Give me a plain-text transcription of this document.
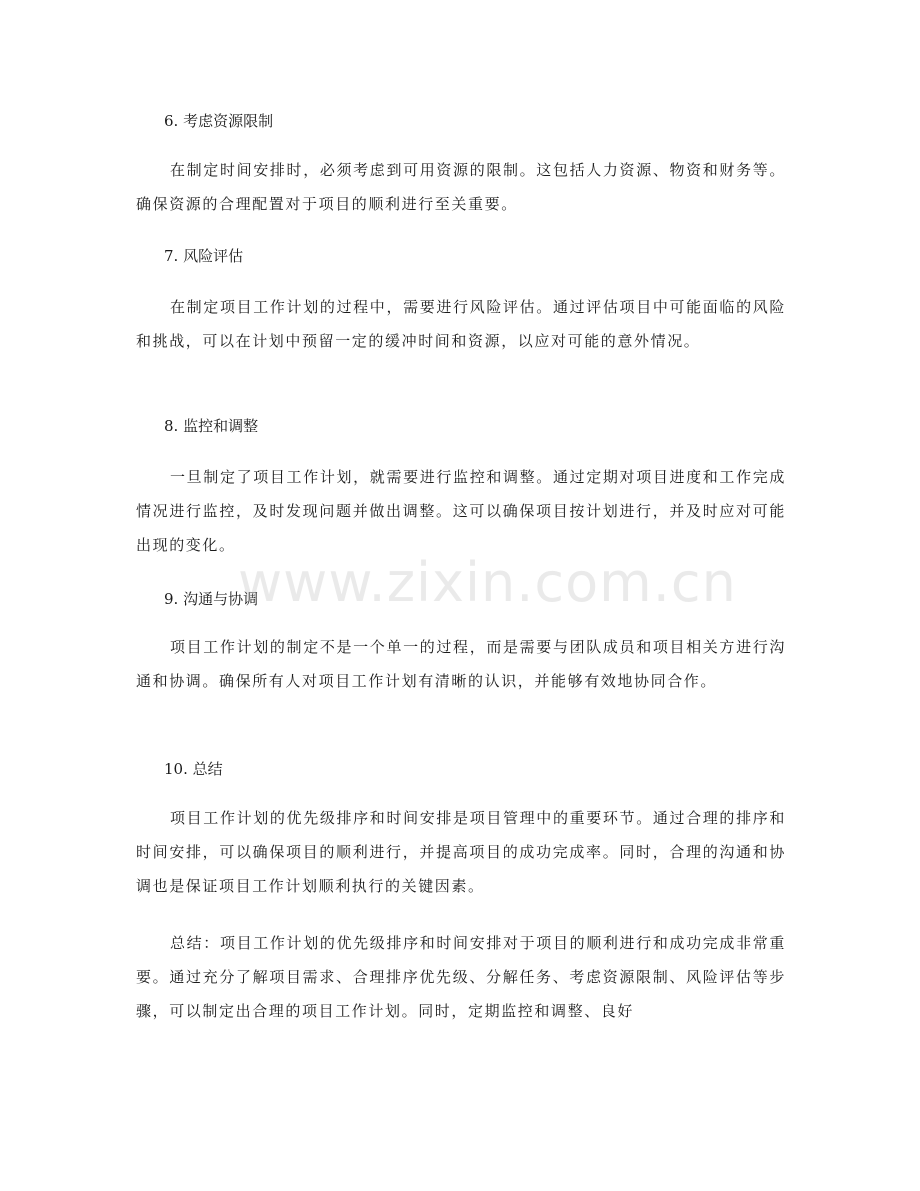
6. 考虑资源限制
在制定时间安排时，必须考虑到可用资源的限制。这包括人力资源、物资和财务等。确保资源的合理配置对于项目的顺利进行至关重要。
7. 风险评估
在制定项目工作计划的过程中，需要进行风险评估。通过评估项目中可能面临的风险和挑战，可以在计划中预留一定的缓冲时间和资源，以应对可能的意外情况。
8. 监控和调整
一旦制定了项目工作计划，就需要进行监控和调整。通过定期对项目进度和工作完成情况进行监控，及时发现问题并做出调整。这可以确保项目按计划进行，并及时应对可能出现的变化。
9. 沟通与协调
项目工作计划的制定不是一个单一的过程，而是需要与团队成员和项目相关方进行沟通和协调。确保所有人对项目工作计划有清晰的认识，并能够有效地协同合作。
10. 总结
项目工作计划的优先级排序和时间安排是项目管理中的重要环节。通过合理的排序和时间安排，可以确保项目的顺利进行，并提高项目的成功完成率。同时，合理的沟通和协调也是保证项目工作计划顺利执行的关键因素。
总结：项目工作计划的优先级排序和时间安排对于项目的顺利进行和成功完成非常重要。通过充分了解项目需求、合理排序优先级、分解任务、考虑资源限制、风险评估等步骤，可以制定出合理的项目工作计划。同时，定期监控和调整、良好
www.zixin.com.cn
